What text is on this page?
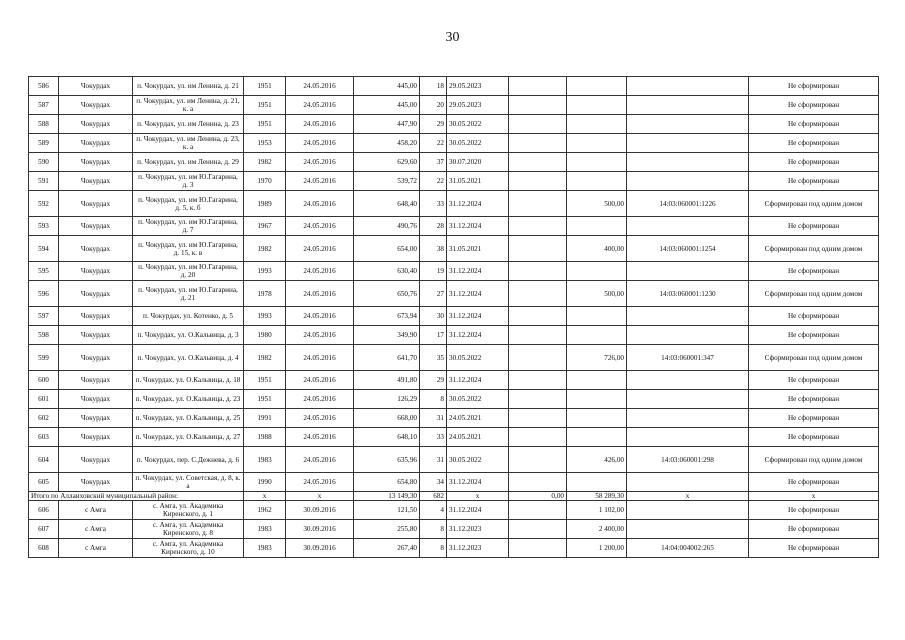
30
586	Чокурдах	п. Чокурдах, ул. им Ленина, д. 21	1951	24.05.2016	445,00	18	29.05.2023				Не сформирован
587	Чокурдах	п. Чокурдах, ул. им Ленина, д. 21, к. а	1951	24.05.2016	445,00	20	29.05.2023				Не сформирован
588	Чокурдах	п. Чокурдах, ул. им Ленина, д. 23	1951	24.05.2016	447,90	29	30.05.2022				Не сформирован
589	Чокурдах	п. Чокурдах, ул. им Ленина, д. 23, к. а	1953	24.05.2016	458,20	22	30.05.2022				Не сформирован
590	Чокурдах	п. Чокурдах, ул. им Ленина, д. 29	1982	24.05.2016	629,60	37	30.07.2020				Не сформирован
591	Чокурдах	п. Чокурдах, ул. им Ю.Гагарина, д. 3	1970	24.05.2016	539,72	22	31.05.2021				Не сформирован
592	Чокурдах	п. Чокурдах, ул. им Ю.Гагарина, д. 5, к. б	1989	24.05.2016	648,40	33	31.12.2024		500,00	14:03:060001:1226	Сформирован под одним домом
593	Чокурдах	п. Чокурдах, ул. им Ю.Гагарина, д. 7	1967	24.05.2016	490,76	28	31.12.2024				Не сформирован
594	Чокурдах	п. Чокурдах, ул. им Ю.Гагарина, д. 15, к. в	1982	24.05.2016	654,00	38	31.05.2021		400,00	14:03:060001:1254	Сформирован под одним домом
595	Чокурдах	п. Чокурдах, ул. им Ю.Гагарина, д. 20	1993	24.05.2016	630,40	19	31.12.2024				Не сформирован
596	Чокурдах	п. Чокурдах, ул. им Ю.Гагарина, д. 21	1978	24.05.2016	650,76	27	31.12.2024		500,00	14:03:060001:1230	Сформирован под одним домом
597	Чокурдах	п. Чокурдах, ул. Котенко, д. 5	1993	24.05.2016	673,94	30	31.12.2024				Не сформирован
598	Чокурдах	п. Чокурдах, ул. О.Кальвица, д. 3	1980	24.05.2016	349,90	17	31.12.2024				Не сформирован
599	Чокурдах	п. Чокурдах, ул. О.Кальвица, д. 4	1982	24.05.2016	641,70	35	30.05.2022		726,00	14:03:060001:347	Сформирован под одним домом
600	Чокурдах	п. Чокурдах, ул. О.Кальвица, д. 18	1951	24.05.2016	491,80	29	31.12.2024				Не сформирован
601	Чокурдах	п. Чокурдах, ул. О.Кальвица, д. 23	1951	24.05.2016	126,29	8	30.05.2022				Не сформирован
602	Чокурдах	п. Чокурдах, ул. О.Кальвица, д. 25	1991	24.05.2016	668,00	31	24.05.2021				Не сформирован
603	Чокурдах	п. Чокурдах, ул. О.Кальвица, д. 27	1988	24.05.2016	648,10	33	24.05.2021				Не сформирован
604	Чокурдах	п. Чокурдах, пер. С.Дежнева, д. 6	1983	24.05.2016	635,96	31	30.05.2022		426,00	14:03:060001:298	Сформирован под одним домом
605	Чокурдах	п. Чокурдах, ул. Советская, д. 8, к. а	1990	24.05.2016	654,80	34	31.12.2024				Не сформирован
Итого по Аллаиховский муниципальный район:			x	x	13 149,30	682	x	0,00	58 289,30	x	x
606	с Амга	с. Амга, ул. Академика Киренского, д. 1	1962	30.09.2016	121,50	4	31.12.2024		1 102,00		Не сформирован
607	с Амга	с. Амга, ул. Академика Киренского, д. 8	1983	30.09.2016	255,80	8	31.12.2023		2 400,00		Не сформирован
608	с Амга	с. Амга, ул. Академика Киренского, д. 10	1983	30.09.2016	267,40	8	31.12.2023		1 200,00	14:04:004002:265	Не сформирован
